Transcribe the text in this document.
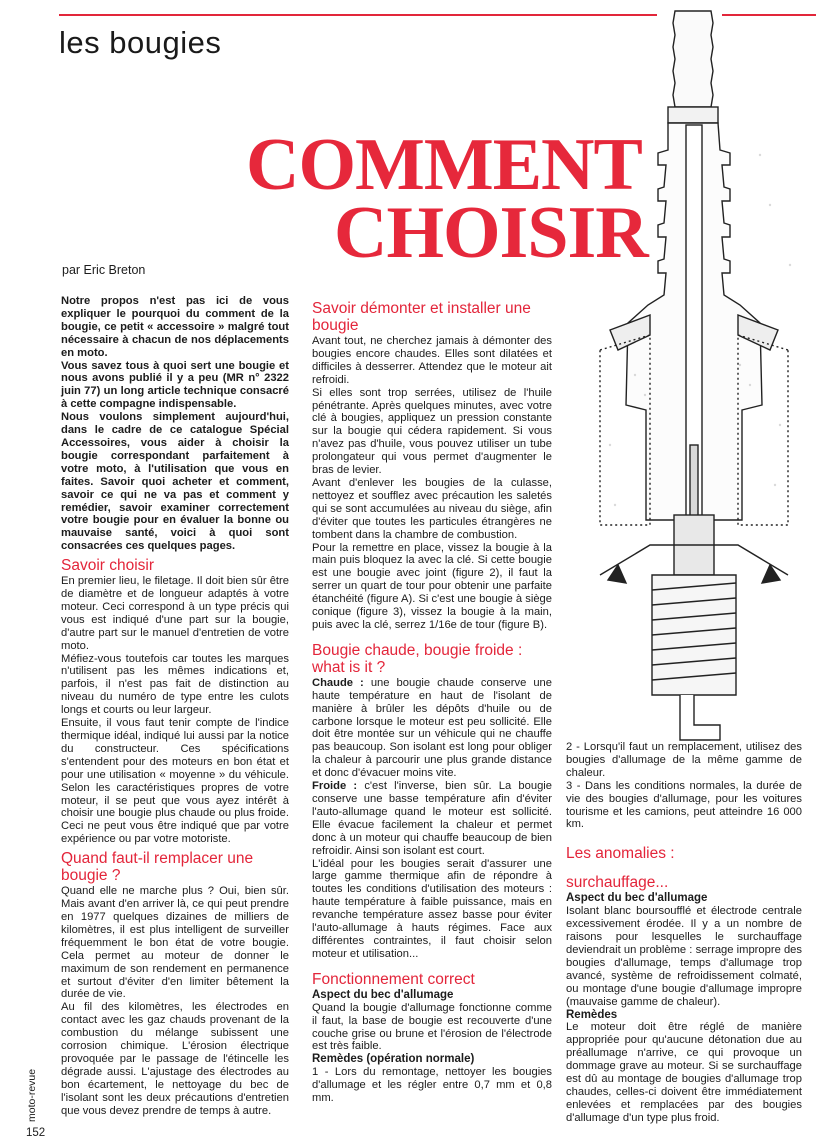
les bougies
COMMENT
CHOISIR
par Eric Breton

Notre propos n'est pas ici de vous expliquer le pourquoi du comment de la bougie, ce petit « accessoire » malgré tout nécessaire à chacun de nos déplacements en moto.

Vous savez tous à quoi sert une bougie et nous avons publié il y a peu (MR n° 2322 juin 77) un long article technique consacré à cette compagne indispensable.

Nous voulons simplement aujourd'hui, dans le cadre de ce catalogue Spécial Accessoires, vous aider à choisir la bougie correspondant parfaitement à votre moto, à l'utilisation que vous en faites. Savoir quoi acheter et comment, savoir ce qui ne va pas et comment y remédier, savoir examiner correctement votre bougie pour en évaluer la bonne ou mauvaise santé, voici à quoi sont consacrées ces quelques pages.

Savoir choisir

En premier lieu, le filetage. Il doit bien sûr être de diamètre et de longueur adaptés à votre moteur. Ceci correspond à un type précis qui vous est indiqué d'une part sur la bougie, d'autre part sur le manuel d'entretien de votre moto.

Méfiez-vous toutefois car toutes les marques n'utilisent pas les mêmes indications et, parfois, il n'est pas fait de distinction au niveau du numéro de type entre les culots longs et courts ou leur largeur.

Ensuite, il vous faut tenir compte de l'indice thermique idéal, indiqué lui aussi par la notice du constructeur. Ces spécifications s'entendent pour des moteurs en bon état et pour une utilisation « moyenne » du véhicule. Selon les caractéristiques propres de votre moteur, il se peut que vous ayez intérêt à choisir une bougie plus chaude ou plus froide. Ceci ne peut vous être indiqué que par votre expérience ou par votre motoriste.

Quand faut-il remplacer une bougie ?

Quand elle ne marche plus ? Oui, bien sûr. Mais avant d'en arriver là, ce qui peut prendre en 1977 quelques dizaines de milliers de kilomètres, il est plus intelligent de surveiller fréquemment le bon état de votre bougie. Cela permet au moteur de donner le maximum de son rendement en permanence et surtout d'éviter d'en limiter bêtement la durée de vie.

Au fil des kilomètres, les électrodes en contact avec les gaz chauds provenant de la combustion du mélange subissent une corrosion chimique. L'érosion électrique provoquée par le passage de l'étincelle les dégrade aussi. L'ajustage des électrodes au bon écartement, le nettoyage du bec de l'isolant sont les deux précautions d'entretien que vous devez prendre de temps à autre.

Savoir démonter et installer une bougie

Avant tout, ne cherchez jamais à démonter des bougies encore chaudes. Elles sont dilatées et difficiles à desserrer. Attendez que le moteur ait refroidi.

Si elles sont trop serrées, utilisez de l'huile pénétrante. Après quelques minutes, avec votre clé à bougies, appliquez un pression constante sur la bougie qui cédera rapidement. Si vous n'avez pas d'huile, vous pouvez utiliser un tube prolongateur qui vous permet d'augmenter le bras de levier.

Avant d'enlever les bougies de la culasse, nettoyez et soufflez avec précaution les saletés qui se sont accumulées au niveau du siège, afin d'éviter que toutes les particules étrangères ne tombent dans la chambre de combustion.

Pour la remettre en place, vissez la bougie à la main puis bloquez la avec la clé. Si cette bougie est une bougie avec joint (figure 2), il faut la serrer un quart de tour pour obtenir une parfaite étanchéité (figure A). Si c'est une bougie à siège conique (figure 3), vissez la bougie à la main, puis avec la clé, serrez 1/16e de tour (figure B).

Bougie chaude, bougie froide : what is it ?

Chaude : une bougie chaude conserve une haute température en haut de l'isolant de manière à brûler les dépôts d'huile ou de carbone lorsque le moteur est peu sollicité. Elle doit être montée sur un véhicule qui ne chauffe pas beaucoup. Son isolant est long pour obliger la chaleur à parcourir une plus grande distance et donc d'évacuer moins vite.

Froide : c'est l'inverse, bien sûr. La bougie conserve une basse température afin d'éviter l'auto-allumage quand le moteur est sollicité. Elle évacue facilement la chaleur et permet donc à un moteur qui chauffe beaucoup de bien refroidir. Ainsi son isolant est court.

L'idéal pour les bougies serait d'assurer une large gamme thermique afin de répondre à toutes les conditions d'utilisation des moteurs : haute température à faible puissance, mais en revanche température assez basse pour éviter l'auto-allumage à hauts régimes. Face aux différentes contraintes, il faut choisir selon moteur et utilisation...

Fonctionnement correct
Aspect du bec d'allumage

Quand la bougie d'allumage fonctionne comme il faut, la base de bougie est recouverte d'une couche grise ou brune et l'érosion de l'électrode est très faible.

Remèdes (opération normale)

1 - Lors du remontage, nettoyer les bougies d'allumage et les régler entre 0,7 mm et 0,8 mm.

2 - Lorsqu'il faut un remplacement, utilisez des bougies d'allumage de la même gamme de chaleur.

3 - Dans les conditions normales, la durée de vie des bougies d'allumage, pour les voitures tourisme et les camions, peut atteindre 16 000 km.

Les anomalies :
surchauffage...
Aspect du bec d'allumage

Isolant blanc boursoufflé et électrode centrale excessivement érodée. Il y a un nombre de raisons pour lesquelles le surchauffage deviendrait un problème : serrage impropre des bougies d'allumage, temps d'allumage trop avancé, système de refroidissement colmaté, ou montage d'une bougie d'allumage impropre (mauvaise gamme de chaleur).

Remèdes

Le moteur doit être réglé de manière appropriée pour qu'aucune détonation due au préallumage n'arrive, ce qui provoque un dommage grave au moteur. Si se surchauffage est dû au montage de bougies d'allumage trop chaudes, celles-ci doivent être immédiatement enlevées et remplacées par des bougies d'allumage d'un type plus froid.

moto-revue
152
